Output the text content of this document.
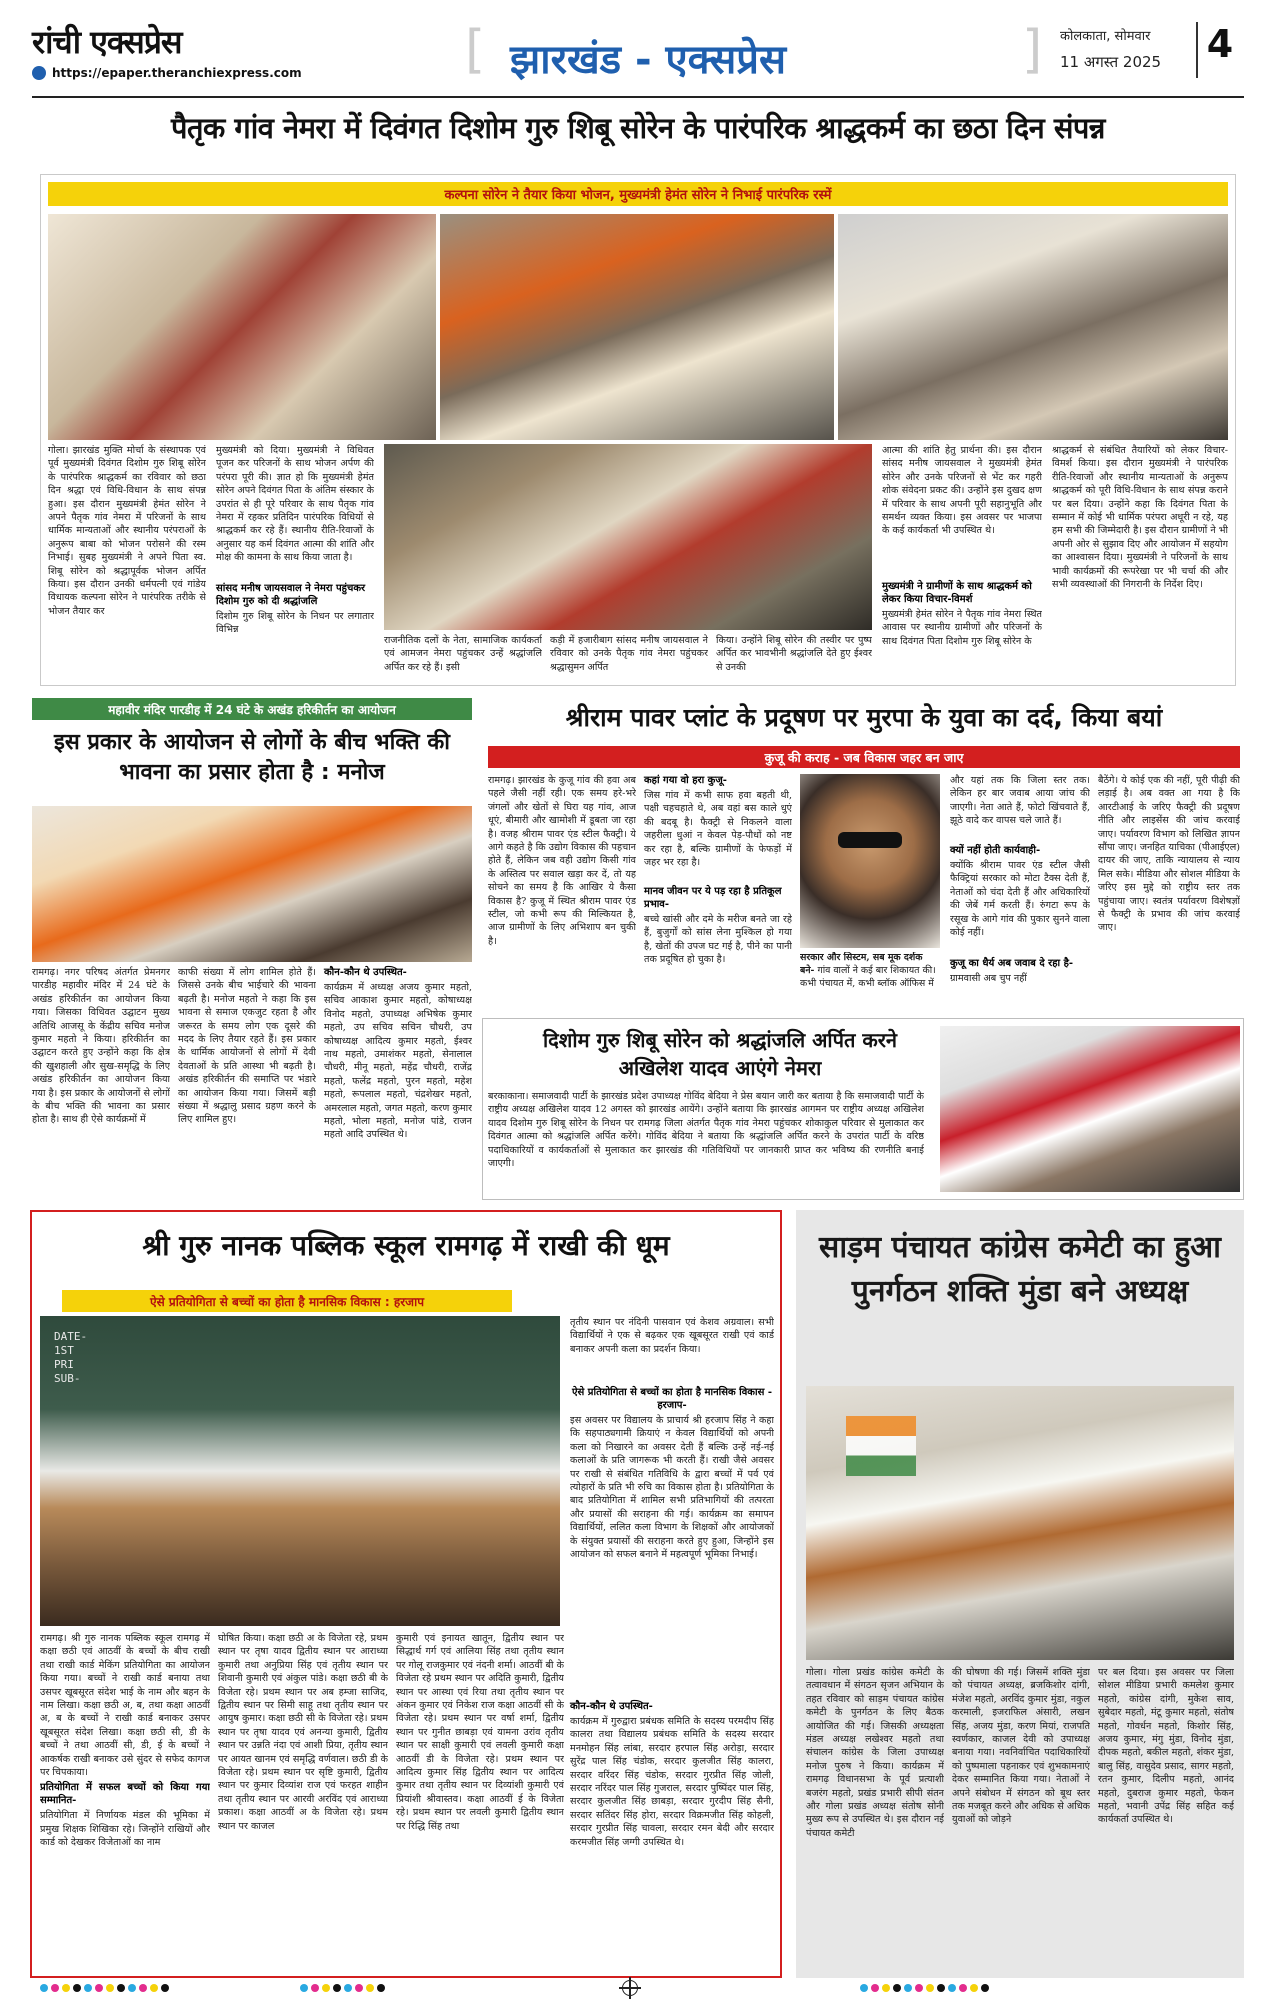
रांची एक्सप्रेस
https://epaper.theranchiexpress.com	[ झारखंड - एक्सप्रेस	] कोलकाता, सोमवार
11 अगस्त 2025 4
पैतृक गांव नेमरा में दिवंगत दिशोम गुरु शिबू सोरेन के पारंपरिक श्राद्धकर्म का छठा दिन संपन्न
कल्पना सोरेन ने तैयार किया भोजन, मुख्यमंत्री हेमंत सोरेन ने निभाई पारंपरिक रस्में
गोला। झारखंड मुक्ति मोर्चा के संस्थापक एवं पूर्व मुख्यमंत्री दिवंगत दिशोम गुरु शिबू सोरेन के पारंपरिक श्राद्धकर्म का रविवार को छठा दिन श्रद्धा एवं विधि-विधान के साथ संपन्न हुआ। इस दौरान मुख्यमंत्री हेमंत सोरेन ने अपने पैतृक गांव नेमरा में परिजनों के साथ धार्मिक मान्यताओं और स्थानीय परंपराओं के अनुरूप बाबा को भोजन परोसने की रस्म निभाई। सुबह मुख्यमंत्री ने अपने पिता स्व. शिबू सोरेन को श्रद्धापूर्वक भोजन अर्पित किया। इस दौरान उनकी धर्मपत्नी एवं गांडेय विधायक कल्पना सोरेन ने पारंपरिक तरीके से भोजन तैयार कर
मुख्यमंत्री को दिया। मुख्यमंत्री ने विधिवत पूजन कर परिजनों के साथ भोजन अर्पण की परंपरा पूरी की। ज्ञात हो कि मुख्यमंत्री हेमंत सोरेन अपने दिवंगत पिता के अंतिम संस्कार के उपरांत से ही पूरे परिवार के साथ पैतृक गांव नेमरा में रहकर प्रतिदिन पारंपरिक विधियों से श्राद्धकर्म कर रहे हैं। स्थानीय रीति-रिवाजों के अनुसार यह कर्म दिवंगत आत्मा की शांति और मोक्ष की कामना के साथ किया जाता है।
सांसद मनीष जायसवाल ने नेमरा पहुंचकर दिशोम गुरु को दी श्रद्धांजलि
दिशोम गुरु शिबू सोरेन के निधन पर लगातार विभिन्न
राजनीतिक दलों के नेता, सामाजिक कार्यकर्ता एवं आमजन नेमरा पहुंचकर उन्हें श्रद्धांजलि अर्पित कर रहे हैं। इसी
कड़ी में हजारीबाग सांसद मनीष जायसवाल ने रविवार को उनके पैतृक गांव नेमरा पहुंचकर श्रद्धासुमन अर्पित
किया। उन्होंने शिबू सोरेन की तस्वीर पर पुष्प अर्पित कर भावभीनी श्रद्धांजलि देते हुए ईश्वर से उनकी
आत्मा की शांति हेतु प्रार्थना की। इस दौरान सांसद मनीष जायसवाल ने मुख्यमंत्री हेमंत सोरेन और उनके परिजनों से भेंट कर गहरी शोक संवेदना प्रकट की। उन्होंने इस दुखद क्षण में परिवार के साथ अपनी पूरी सहानुभूति और समर्थन व्यक्त किया। इस अवसर पर भाजपा के कई कार्यकर्ता भी उपस्थित थे।
मुख्यमंत्री ने ग्रामीणों के साथ श्राद्धकर्म को लेकर किया विचार-विमर्श
मुख्यमंत्री हेमंत सोरेन ने पैतृक गांव नेमरा स्थित आवास पर स्थानीय ग्रामीणों और परिजनों के साथ दिवंगत पिता दिशोम गुरु शिबू सोरेन के
श्राद्धकर्म से संबंधित तैयारियों को लेकर विचार-विमर्श किया। इस दौरान मुख्यमंत्री ने पारंपरिक रीति-रिवाजों और स्थानीय मान्यताओं के अनुरूप श्राद्धकर्म को पूरी विधि-विधान के साथ संपन्न कराने पर बल दिया। उन्होंने कहा कि दिवंगत पिता के सम्मान में कोई भी धार्मिक परंपरा अधूरी न रहे, यह हम सभी की जिम्मेदारी है। इस दौरान ग्रामीणों ने भी अपनी ओर से सुझाव दिए और आयोजन में सहयोग का आश्वासन दिया। मुख्यमंत्री ने परिजनों के साथ भावी कार्यक्रमों की रूपरेखा पर भी चर्चा की और सभी व्यवस्थाओं की निगरानी के निर्देश दिए।
महावीर मंदिर पारडीह में 24 घंटे के अखंड हरिकीर्तन का आयोजन
इस प्रकार के आयोजन से लोगों के बीच भक्ति की भावना का प्रसार होता है : मनोज
रामगढ़। नगर परिषद अंतर्गत प्रेमनगर पारडीह महावीर मंदिर में 24 घंटे के अखंड हरिकीर्तन का आयोजन किया गया। जिसका विधिवत उद्घाटन मुख्य अतिथि आजसू के केंद्रीय सचिव मनोज कुमार महतो ने किया। हरिकीर्तन का उद्घाटन करते हुए उन्होंने कहा कि क्षेत्र की खुशहाली और सुख-समृद्धि के लिए अखंड हरिकीर्तन का आयोजन किया गया है। इस प्रकार के आयोजनों से लोगों के बीच भक्ति की भावना का प्रसार होता है। साथ ही ऐसे कार्यक्रमों में
काफी संख्या में लोग शामिल होते हैं। जिससे उनके बीच भाईचारे की भावना बढ़ती है। मनोज महतो ने कहा कि इस भावना से समाज एकजुट रहता है और जरूरत के समय लोग एक दूसरे की मदद के लिए तैयार रहते हैं। इस प्रकार के धार्मिक आयोजनों से लोगों में देवी देवताओं के प्रति आस्था भी बढ़ती है। अखंड हरिकीर्तन की समाप्ति पर भंडारे का आयोजन किया गया। जिसमें बड़ी संख्या में श्रद्धालु प्रसाद ग्रहण करने के लिए शामिल हुए।
कौन-कौन थे उपस्थित-
कार्यक्रम में अध्यक्ष अजय कुमार महतो, सचिव आकाश कुमार महतो, कोषाध्यक्ष विनोद महतो, उपाध्यक्ष अभिषेक कुमार महतो, उप सचिव सचिन चौधरी, उप कोषाध्यक्ष आदित्य कुमार महतो, ईश्वर नाथ महतो, उमाशंकर महतो, सेनालाल चौधरी, मीनू महतो, महेंद्र चौधरी, राजेंद्र महतो, फलेंद्र महतो, पुरन महतो, महेश महतो, रूपलाल महतो, चंद्रशेखर महतो, अमरलाल महतो, जगत महतो, करण कुमार महतो, भोला महतो, मनोज पांडे, राजन महतो आदि उपस्थित थे।
श्रीराम पावर प्लांट के प्रदूषण पर मुरपा के युवा का दर्द, किया बयां
कुजू की कराह - जब विकास जहर बन जाए
रामगढ़। झारखंड के कुजू गांव की हवा अब पहले जैसी नहीं रही। एक समय हरे-भरे जंगलों और खेतों से घिरा यह गांव, आज धूएं, बीमारी और खामोशी में डूबता जा रहा है। वजह श्रीराम पावर एंड स्टील फैक्ट्री। ये आगे कहते है कि उद्योग विकास की पहचान होते हैं, लेकिन जब वही उद्योग किसी गांव के अस्तित्व पर सवाल खड़ा कर दें, तो यह सोचने का समय है कि आखिर ये कैसा विकास है? कुजू में स्थित श्रीराम पावर एंड स्टील, जो कभी रूप की मिल्कियत है, आज ग्रामीणों के लिए अभिशाप बन चुकी है।
कहां गया वो हरा कुजू-
जिस गांव में कभी साफ हवा बहती थी, पक्षी चहचहाते थे, अब वहां बस काले धुएं की बदबू है। फैक्ट्री से निकलने वाला जहरीला धुआं न केवल पेड़-पौधों को नष्ट कर रहा है, बल्कि ग्रामीणों के फेफड़ों में जहर भर रहा है।
मानव जीवन पर ये पड़ रहा है प्रतिकूल प्रभाव-
बच्चे खांसी और दमे के मरीज बनते जा रहे हैं, बुजुर्गों को सांस लेना मुश्किल हो गया है, खेतों की उपज घट गई है, पीने का पानी तक प्रदूषित हो चुका है।	सरकार और सिस्टम, सब मूक दर्शक बने- गांव वालों ने कई बार शिकायत की। कभी पंचायत में, कभी ब्लॉक ऑफिस में
और यहां तक कि जिला स्तर तक। लेकिन हर बार जवाब आया जांच की जाएगी। नेता आते हैं, फोटो खिंचवाते हैं, झूठे वादे कर वापस चले जाते हैं।
क्यों नहीं होती कार्यवाही-
क्योंकि श्रीराम पावर एंड स्टील जैसी फैक्ट्रियां सरकार को मोटा टैक्स देती हैं, नेताओं को चंदा देती हैं और अधिकारियों की जेबें गर्म करती हैं। रुंगटा रूप के रसूख के आगे गांव की पुकार सुनने वाला कोई नहीं।
कुजू का धैर्य अब जवाब दे रहा है-
ग्रामवासी अब चुप नहीं
बैठेंगे। ये कोई एक की नहीं, पूरी पीढ़ी की लड़ाई है। अब वक्त आ गया है कि आरटीआई के जरिए फैक्ट्री की प्रदूषण नीति और लाइसेंस की जांच करवाई जाए। पर्यावरण विभाग को लिखित ज्ञापन सौंपा जाए। जनहित याचिका (पीआईएल) दायर की जाए, ताकि न्यायालय से न्याय मिल सके। मीडिया और सोशल मीडिया के जरिए इस मुद्दे को राष्ट्रीय स्तर तक पहुंचाया जाए। स्वतंत्र पर्यावरण विशेषज्ञों से फैक्ट्री के प्रभाव की जांच करवाई जाए।
दिशोम गुरु शिबू सोरेन को श्रद्धांजलि अर्पित करने अखिलेश यादव आएंगे नेमरा
बरकाकाना। समाजवादी पार्टी के झारखंड प्रदेश उपाध्यक्ष गोविंद बेदिया ने प्रेस बयान जारी कर बताया है कि समाजवादी पार्टी के राष्ट्रीय अध्यक्ष अखिलेश यादव 12 अगस्त को झारखंड आयेंगे। उन्होंने बताया कि झारखंड आगमन पर राष्ट्रीय अध्यक्ष अखिलेश यादव दिशोम गुरु शिबू सोरेन के निधन पर रामगढ़ जिला अंतर्गत पैतृक गांव नेमरा पहुंचकर शोकाकुल परिवार से मुलाकात कर दिवंगत आत्मा को श्रद्धांजलि अर्पित करेंगे। गोविंद बेदिया ने बताया कि श्रद्धांजलि अर्पित करने के उपरांत पार्टी के वरिष्ठ पदाधिकारियों व कार्यकर्ताओं से मुलाकात कर झारखंड की गतिविधियों पर जानकारी प्राप्त कर भविष्य की रणनीति बनाई जाएगी।
श्री गुरु नानक पब्लिक स्कूल रामगढ़ में राखी की धूम
ऐसे प्रतियोगिता से बच्चों का होता है मानसिक विकास : हरजाप
DATE-
1ST
PRI
SUB-
तृतीय स्थान पर नंदिनी पासवान एवं केशव अग्रवाल। सभी विद्यार्थियों ने एक से बढ़कर एक खूबसूरत राखी एवं कार्ड बनाकर अपनी कला का प्रदर्शन किया।
ऐसे प्रतियोगिता से बच्चों का होता है मानसिक विकास - हरजाप-
इस अवसर पर विद्यालय के प्राचार्य श्री हरजाप सिंह ने कहा कि सहपाठ्यगामी क्रियाएं न केवल विद्यार्थियों को अपनी कला को निखारने का अवसर देती हैं बल्कि उन्हें नई-नई कलाओं के प्रति जागरूक भी करती हैं। राखी जैसे अवसर पर राखी से संबंधित गतिविधि के द्वारा बच्चों में पर्व एवं त्योहारों के प्रति भी रुचि का विकास होता है। प्रतियोगिता के बाद प्रतियोगिता में शामिल सभी प्रतिभागियों की तत्परता और प्रयासों की सराहना की गई। कार्यक्रम का समापन विद्यार्थियों, ललित कला विभाग के शिक्षकों और आयोजकों के संयुक्त प्रयासों की सराहना करते हुए हुआ, जिन्होंने इस आयोजन को सफल बनाने में महत्वपूर्ण भूमिका निभाई।
रामगढ़। श्री गुरु नानक पब्लिक स्कूल रामगढ़ में कक्षा छठी एवं आठवीं के बच्चों के बीच राखी तथा राखी कार्ड मेकिंग प्रतियोगिता का आयोजन किया गया। बच्चों ने राखी कार्ड बनाया तथा उसपर खूबसूरत संदेश भाई के नाम और बहन के नाम लिखा। कक्षा छठी अ, ब, तथा कक्षा आठवीं अ, ब के बच्चों ने राखी कार्ड बनाकर उसपर खूबसूरत संदेश लिखा। कक्षा छठी सी, डी के बच्चों ने तथा आठवीं सी, डी, ई के बच्चों ने आकर्षक राखी बनाकर उसे सुंदर से सफेद कागज पर चिपकाया।
प्रतियोगिता में सफल बच्चों को किया गया सम्मानित-
प्रतियोगिता में निर्णायक मंडल की भूमिका में प्रमुख शिक्षक शिखिका रहे। जिन्होंने राखियों और कार्ड को देखकर विजेताओं का नाम
घोषित किया। कक्षा छठी अ के विजेता रहे, प्रथम स्थान पर तृषा यादव द्वितीय स्थान पर आराध्या कुमारी तथा अनुप्रिया सिंह एवं तृतीय स्थान पर शिवानी कुमारी एवं अंकुल पांडे। कक्षा छठी बी के विजेता रहे। प्रथम स्थान पर अब हम्जा साजिद, द्वितीय स्थान पर सिमी साहू तथा तृतीय स्थान पर आयुष कुमार। कक्षा छठी सी के विजेता रहे। प्रथम स्थान पर तृषा यादव एवं अनन्या कुमारी, द्वितीय स्थान पर उन्नति नंदा एवं आशी प्रिया, तृतीय स्थान पर आयत खानम एवं समृद्धि वर्णवाल। छठी डी के विजेता रहे। प्रथम स्थान पर सृष्टि कुमारी, द्वितीय स्थान पर कुमार दिव्यांश राज एवं फरहत शाहीन तथा तृतीय स्थान पर आरवी अरविंद एवं आराध्या प्रकाश। कक्षा आठवीं अ के विजेता रहे। प्रथम स्थान पर काजल
कुमारी एवं इनायत खातून, द्वितीय स्थान पर सिद्धार्थ गर्ग एवं आलिया सिंह तथा तृतीय स्थान पर गोलू राजकुमार एवं नंदनी शर्मा। आठवीं बी के विजेता रहे प्रथम स्थान पर अदिति कुमारी, द्वितीय स्थान पर आस्था एवं रिया तथा तृतीय स्थान पर अंकन कुमार एवं निकेश राज कक्षा आठवीं सी के विजेता रहे। प्रथम स्थान पर वर्षा शर्मा, द्वितीय स्थान पर गुनीत छाबड़ा एवं यामना उरांव तृतीय स्थान पर साक्षी कुमारी एवं लवली कुमारी कक्षा आठवीं डी के विजेता रहे। प्रथम स्थान पर आदित्य कुमार सिंह द्वितीय स्थान पर आदित्य कुमार तथा तृतीय स्थान पर दिव्यांशी कुमारी एवं प्रियांशी श्रीवास्तव। कक्षा आठवीं ई के विजेता रहे। प्रथम स्थान पर लवली कुमारी द्वितीय स्थान पर रिद्धि सिंह तथा
कौन-कौन थे उपस्थित-
कार्यक्रम में गुरुद्वारा प्रबंधक समिति के सदस्य परमदीप सिंह कालरा तथा विद्यालय प्रबंधक समिति के सदस्य सरदार मनमोहन सिंह लांबा, सरदार हरपाल सिंह अरोड़ा, सरदार सुरेंद्र पाल सिंह चंडोक, सरदार कुलजीत सिंह कालरा, सरदार वरिंदर सिंह चंडोक, सरदार गुरप्रीत सिंह जोली, सरदार नरिंदर पाल सिंह गुजराल, सरदार पुष्पिंदर पाल सिंह, सरदार कुलजीत सिंह छाबड़ा, सरदार गुरदीप सिंह सैनी, सरदार सतिंदर सिंह होरा, सरदार विक्रमजीत सिंह कोहली, सरदार गुरप्रीत सिंह चावला, सरदार रमन बेदी और सरदार करमजीत सिंह जग्गी उपस्थित थे।
साड़म पंचायत कांग्रेस कमेटी का हुआ पुनर्गठन शक्ति मुंडा बने अध्यक्ष
गोला। गोला प्रखंड कांग्रेस कमेटी के तत्वावधान में संगठन सृजन अभियान के तहत रविवार को साड़म पंचायत कांग्रेस कमेटी के पुनर्गठन के लिए बैठक आयोजित की गई। जिसकी अध्यक्षता मंडल अध्यक्ष लखेश्वर महतो तथा संचालन कांग्रेस के जिला उपाध्यक्ष मनोज पुरुष ने किया। कार्यक्रम में रामगढ़ विधानसभा के पूर्व प्रत्याशी बजरंग महतो, प्रखंड प्रभारी सीपी संतन और गोला प्रखंड अध्यक्ष संतोष सोनी मुख्य रूप से उपस्थित थे। इस दौरान नई पंचायत कमेटी
की घोषणा की गई। जिसमें शक्ति मुंडा को पंचायत अध्यक्ष, ब्रजकिशोर दांगी, मंजेश महतो, अरविंद कुमार मुंडा, नकुल करमाली, इजराफिल अंसारी, लखन सिंह, अजय मुंडा, करण मियां, राजपति स्वर्णकार, काजल देवी को उपाध्यक्ष बनाया गया। नवनिर्वाचित पदाधिकारियों को पुष्पमाला पहनाकर एवं शुभकामनाएं देकर सम्मानित किया गया। नेताओं ने अपने संबोधन में संगठन को बूथ स्तर तक मजबूत करने और अधिक से अधिक युवाओं को जोड़ने
पर बल दिया। इस अवसर पर जिला सोशल मीडिया प्रभारी कमलेश कुमार महतो, कांग्रेस दांगी, मुकेश साव, सुबेदार महतो, मंटू कुमार महतो, संतोष महतो, गोवर्धन महतो, किशोर सिंह, अजय कुमार, मंगु मुंडा, विनोद मुंडा, दीपक महतो, बकील महतो, शंकर मुंडा, बालु सिंह, वासुदेव प्रसाद, सागर महतो, रतन कुमार, दिलीप महतो, आनंद महतो, दुबराज कुमार महतो, फेकन महतो, भवानी उपेंद्र सिंह सहित कई कार्यकर्ता उपस्थित थे।
